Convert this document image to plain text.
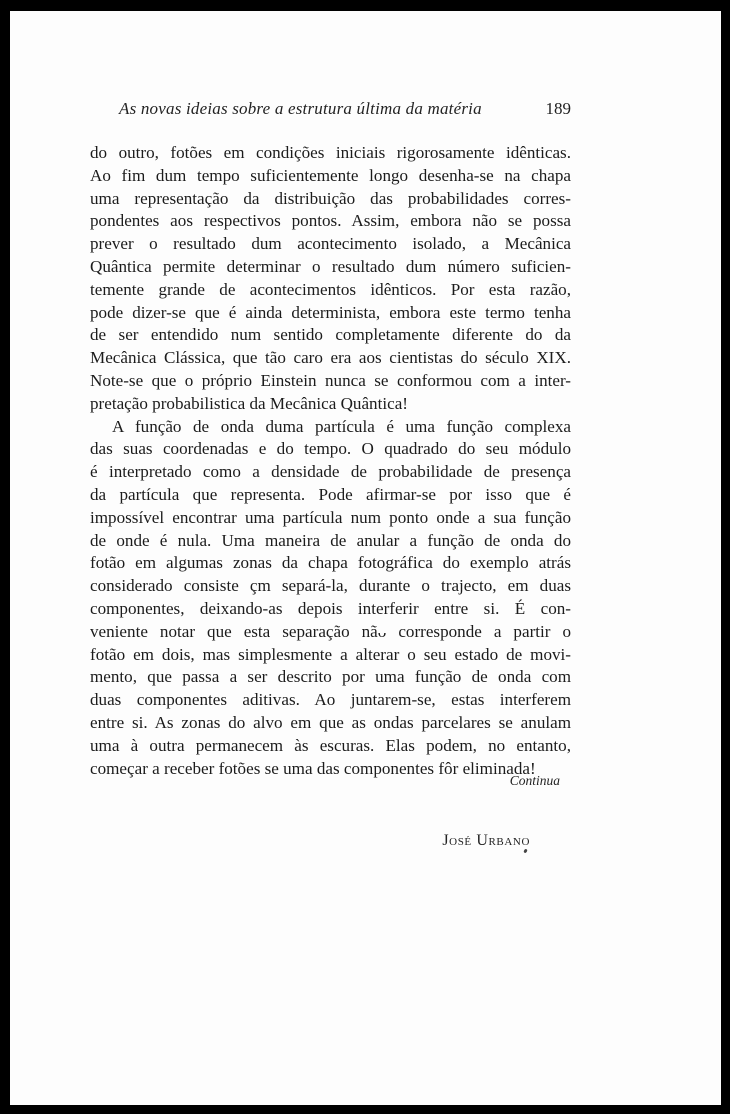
As novas ideias sobre a estrutura última da matéria	189
do outro, fotões em condições iniciais rigorosamente idênticas.
Ao fim dum tempo suficientemente longo desenha-se na chapa
uma representação da distribuição das probabilidades corres-
pondentes aos respectivos pontos. Assim, embora não se possa
prever o resultado dum acontecimento isolado, a Mecânica
Quântica permite determinar o resultado dum número suficien-
temente grande de acontecimentos idênticos. Por esta razão,
pode dizer-se que é ainda determinista, embora este termo tenha
de ser entendido num sentido completamente diferente do da
Mecânica Clássica, que tão caro era aos cientistas do século XIX.
Note-se que o próprio Einstein nunca se conformou com a inter-
pretação probabilistica da Mecânica Quântica!
A função de onda duma partícula é uma função complexa
das suas coordenadas e do tempo. O quadrado do seu módulo
é interpretado como a densidade de probabilidade de presença
da partícula que representa. Pode afirmar-se por isso que é
impossível encontrar uma partícula num ponto onde a sua função
de onde é nula. Uma maneira de anular a função de onda do
fotão em algumas zonas da chapa fotográfica do exemplo atrás
considerado consiste çm separá-la, durante o trajecto, em duas
componentes, deixando-as depois interferir entre si. É con-
veniente notar que esta separação nãᴗ corresponde a partir o
fotão em dois, mas simplesmente a alterar o seu estado de movi-
mento, que passa a ser descrito por uma função de onda com
duas componentes aditivas. Ao juntarem-se, estas interferem
entre si. As zonas do alvo em que as ondas parcelares se anulam
uma à outra permanecem às escuras. Elas podem, no entanto,
começar a receber fotões se uma das componentes fôr eliminada!
Continua
José Urbano
